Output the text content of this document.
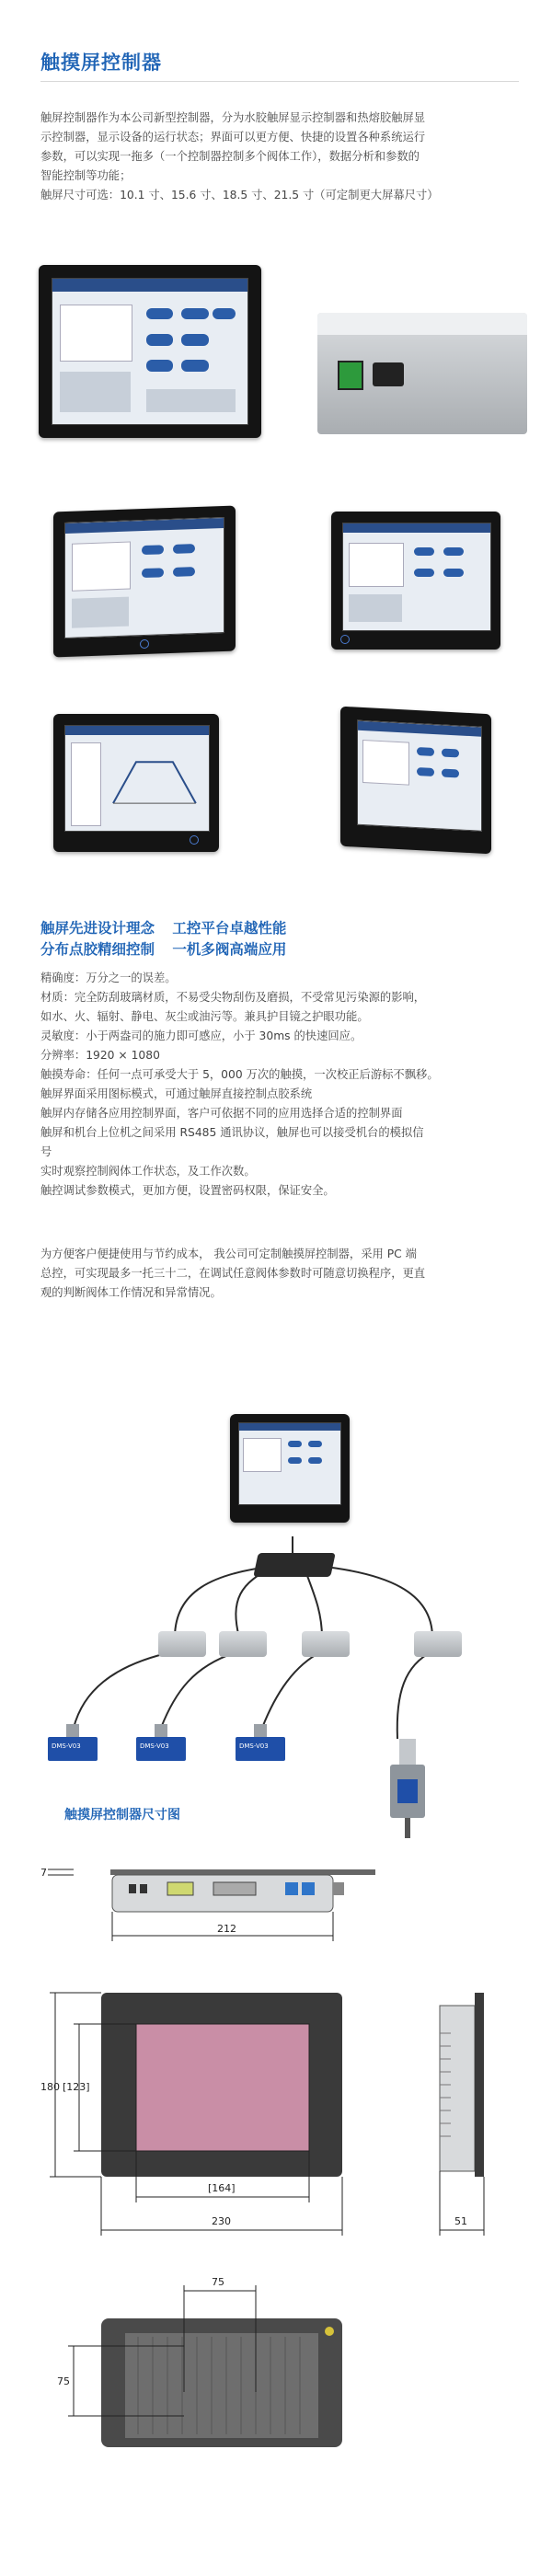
触摸屏控制器

触屏控制器作为本公司新型控制器，分为水胶触屏显示控制器和热熔胶触屏显

示控制器，显示设备的运行状态；界面可以更方便、快捷的设置各种系统运行

参数，可以实现一拖多（一个控制器控制多个阀体工作），数据分析和参数的

智能控制等功能；

触屏尺寸可选：10.1 寸、15.6 寸、18.5 寸、21.5 寸（可定制更大屏幕尺寸）

触屏先进设计理念 工控平台卓越性能
分布点胶精细控制 一机多阀高端应用

精确度：万分之一的误差。

材质：完全防刮玻璃材质，不易受尖物刮伤及磨损，不受常见污染源的影响，

如水、火、辐射、静电、灰尘或油污等。兼具护目镜之护眼功能。

灵敏度：小于两盎司的施力即可感应，小于 30ms 的快速回应。

分辨率：1920 × 1080

触摸寿命：任何一点可承受大于 5，000 万次的触摸，一次校正后游标不飘移。

触屏界面采用图标模式，可通过触屏直接控制点胶系统

触屏内存储各应用控制界面，客户可依据不同的应用选择合适的控制界面

触屏和机台上位机之间采用 RS485 通讯协议，触屏也可以接受机台的模拟信

号

实时观察控制阀体工作状态，及工作次数。

触控调试参数模式，更加方便，设置密码权限，保证安全。

为方便客户便捷使用与节约成本， 我公司可定制触摸屏控制器，采用 PC 端

总控，可实现最多一托三十二，在调试任意阀体参数时可随意切换程序，更直

观的判断阀体工作情况和异常情况。

DMS-V03	DMS-V03	DMS-V03
触摸屏控制器尺寸图
7
212
180 [123]
[164]
230	51
75
75
